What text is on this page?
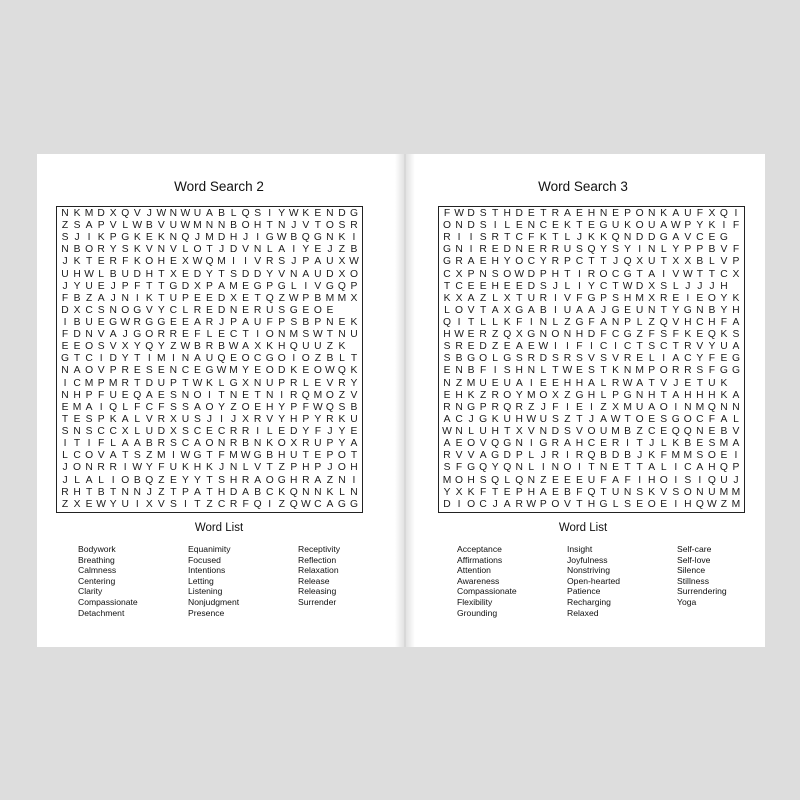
Word Search 2
N K M D X Q V J W N W U A B L Q S I Y W K E N D G
Z S A P V L W B V U W M N N B O H T N J V T O S R
S J I K P G K E K N Q J M D H J I G W B Q G N K I
N B O R Y S K V N V L O T J D V N L A I Y E J Z B
J K T E R F K O H E X W Q M I I V R S J P A U X W
U H W L B U D H T X E D Y T S D D Y V N A U D X O
J Y U E J P F T T G D X P A M E G P G L I V G Q P
F B Z A J N I K T U P E E D X E T Q Z W P B M M X
D X C S N O G V Y C L R E D N E R U S G E O E
I B U E G W R G G E E A R J P A U F P S B P N E K
F D N V A J G O R R E F L E C T I O N M S W T N U
E E O S V X Y Q Y Z W B R B W A X K H Q U U Z K
G T C I D Y T I M I N A U Q E O C G O I O Z B L T
N A O V P R E S E N C E G W M Y E O D K E O W Q K
I C M P M R T D U P T W K L G X N U P R L E V R Y
N H P F U E Q A E S N O I T N E T N I R Q M O Z V
E M A I Q L F C F S S A O Y Z O E H Y P F W Q S B
T E S P K A L V R X U S J I J X R V Y H P Y R K U
S N S C C X L U D X S C E C R R I L E D Y F J Y E
I T I F L A A B R S C A O N R B N K O X R U P Y A
L C O V A T S Z M I W G T F M W G B H U T E P O T
J O N R R I W Y F U K H K J N L V T Z P H P J O H
J L A L I O B Q Z E Y Y T S H R A O G H R A Z N I
R H T B T N N J Z T P A T H D A B C K Q N N K L N
Z X E W Y U I X V S I T Z C R F Q I Z Q W C A G G
Word List
Bodywork
Breathing
Calmness
Centering
Clarity
Compassionate
Detachment
Equanimity
Focused
Intentions
Letting
Listening
Nonjudgment
Presence
Receptivity
Reflection
Relaxation
Release
Releasing
Surrender
Word Search 3
F W D S T H D E T R A E H N E P O N K A U F X Q I
O N D S I L E N C E K T E G U K O U A W P Y K I F
R I I S R T C F K T L J K K Q N D D G A V C E G
G N I R E D N E R R U S Q Y S Y I N L Y P P B V F
G R A E H Y O C Y R P C T T J Q X U T X X B L V P
C X P N S O W D P H T I R O C G T A I V W T T C X
T C E E H E E D S J L I Y C T W D X S L J J J H
K X A Z L X T U R I V F G P S H M X R E I E O Y K
L O V T A X G A B I U A A J G E U N T Y G N B Y H
Q I T L L K F I N L Z G F A N P L Z Q V H C H F A
H W E R Z Q X G N O N H D F C G Z F S F K E Q K S
S R E D Z E A E W I I F I C I C T S C T R V Y U A
S B G O L G S R D S R S V S V R E L I A C Y F E G
E N B F I S H N L T W E S T K N M P O R R S F G G
N Z M U E U A I E E H H A L R W A T V J E T U K
E H K Z R O Y M O X Z G H L P G N H T A H H H K A
R N G P R Q R Z J F I E I Z X M U A O I N M Q N N
A C J G K U H W U S Z T J A W T O E S G O C F A L
W N L U H T X V N D S V O U M B Z C E Q Q N E B V
A E O V Q G N I G R A H C E R I T J L K B E S M A
R V V A G D P L J R I R Q B D B J K F M M S O E I
S F G Q Y Q N L I N O I T N E T T A L I C A H Q P
M O H S Q L Q N Z E E E U F A F I H O I S I Q U J
Y X K F T E P H A E B F Q T U N S K V S O N U M M
D I O C J A R W P O V T H G L S E O E I H Q W Z M
Word List
Acceptance
Affirmations
Attention
Awareness
Compassionate
Flexibility
Grounding
Insight
Joyfulness
Nonstriving
Open-hearted
Patience
Recharging
Relaxed
Self-care
Self-love
Silence
Stillness
Surrendering
Yoga
